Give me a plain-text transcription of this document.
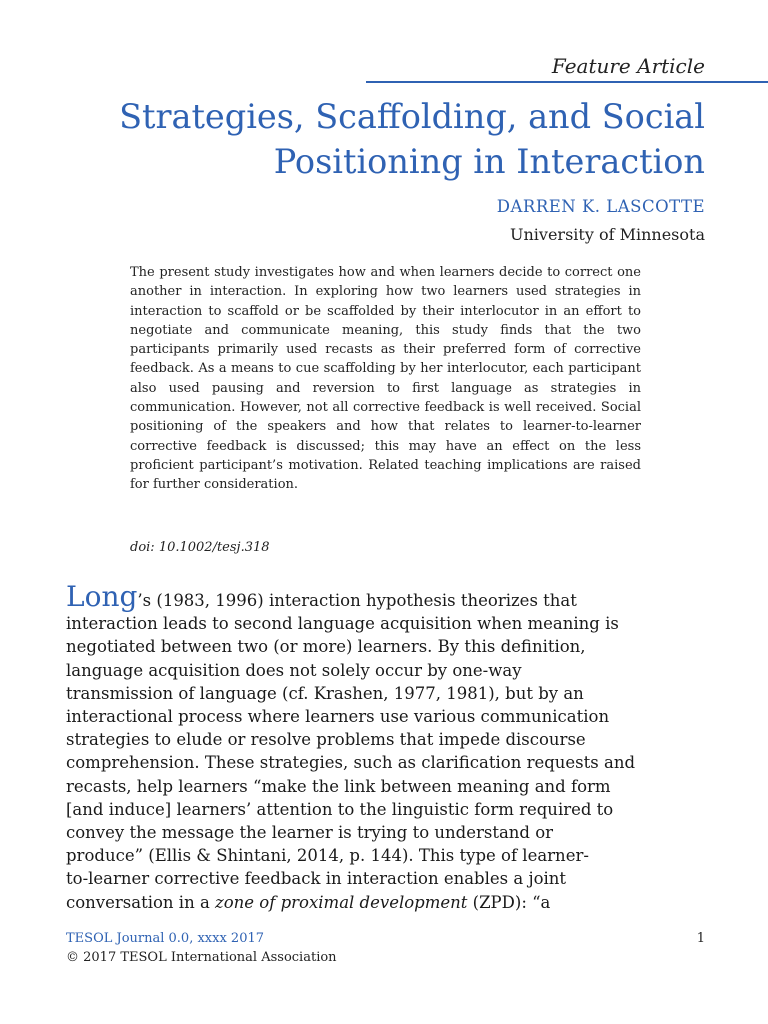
Feature Article

Strategies, Scaffolding, and Social Positioning in Interaction

DARREN K. LASCOTTE

University of Minnesota

The present study investigates how and when learners decide to correct one another in interaction. In exploring how two learners used strategies in interaction to scaffold or be scaffolded by their interlocutor in an effort to negotiate and communicate meaning, this study finds that the two participants primarily used recasts as their preferred form of corrective feedback. As a means to cue scaffolding by her interlocutor, each participant also used pausing and reversion to first language as strategies in communication. However, not all corrective feedback is well received. Social positioning of the speakers and how that relates to learner-to-learner corrective feedback is discussed; this may have an effect on the less proficient participant’s motivation. Related teaching implications are raised for further consideration.

doi: 10.1002/tesj.318

Long’s (1983, 1996) interaction hypothesis theorizes that
interaction leads to second language acquisition when meaning is
negotiated between two (or more) learners. By this definition,
language acquisition does not solely occur by one-way
transmission of language (cf. Krashen, 1977, 1981), but by an
interactional process where learners use various communication
strategies to elude or resolve problems that impede discourse
comprehension. These strategies, such as clarification requests and
recasts, help learners “make the link between meaning and form
[and induce] learners’ attention to the linguistic form required to
convey the message the learner is trying to understand or
produce” (Ellis & Shintani, 2014, p. 144). This type of learner-
to-learner corrective feedback in interaction enables a joint
conversation in a zone of proximal development (ZPD): “a

TESOL Journal 0.0, xxxx 2017	1

© 2017 TESOL International Association
